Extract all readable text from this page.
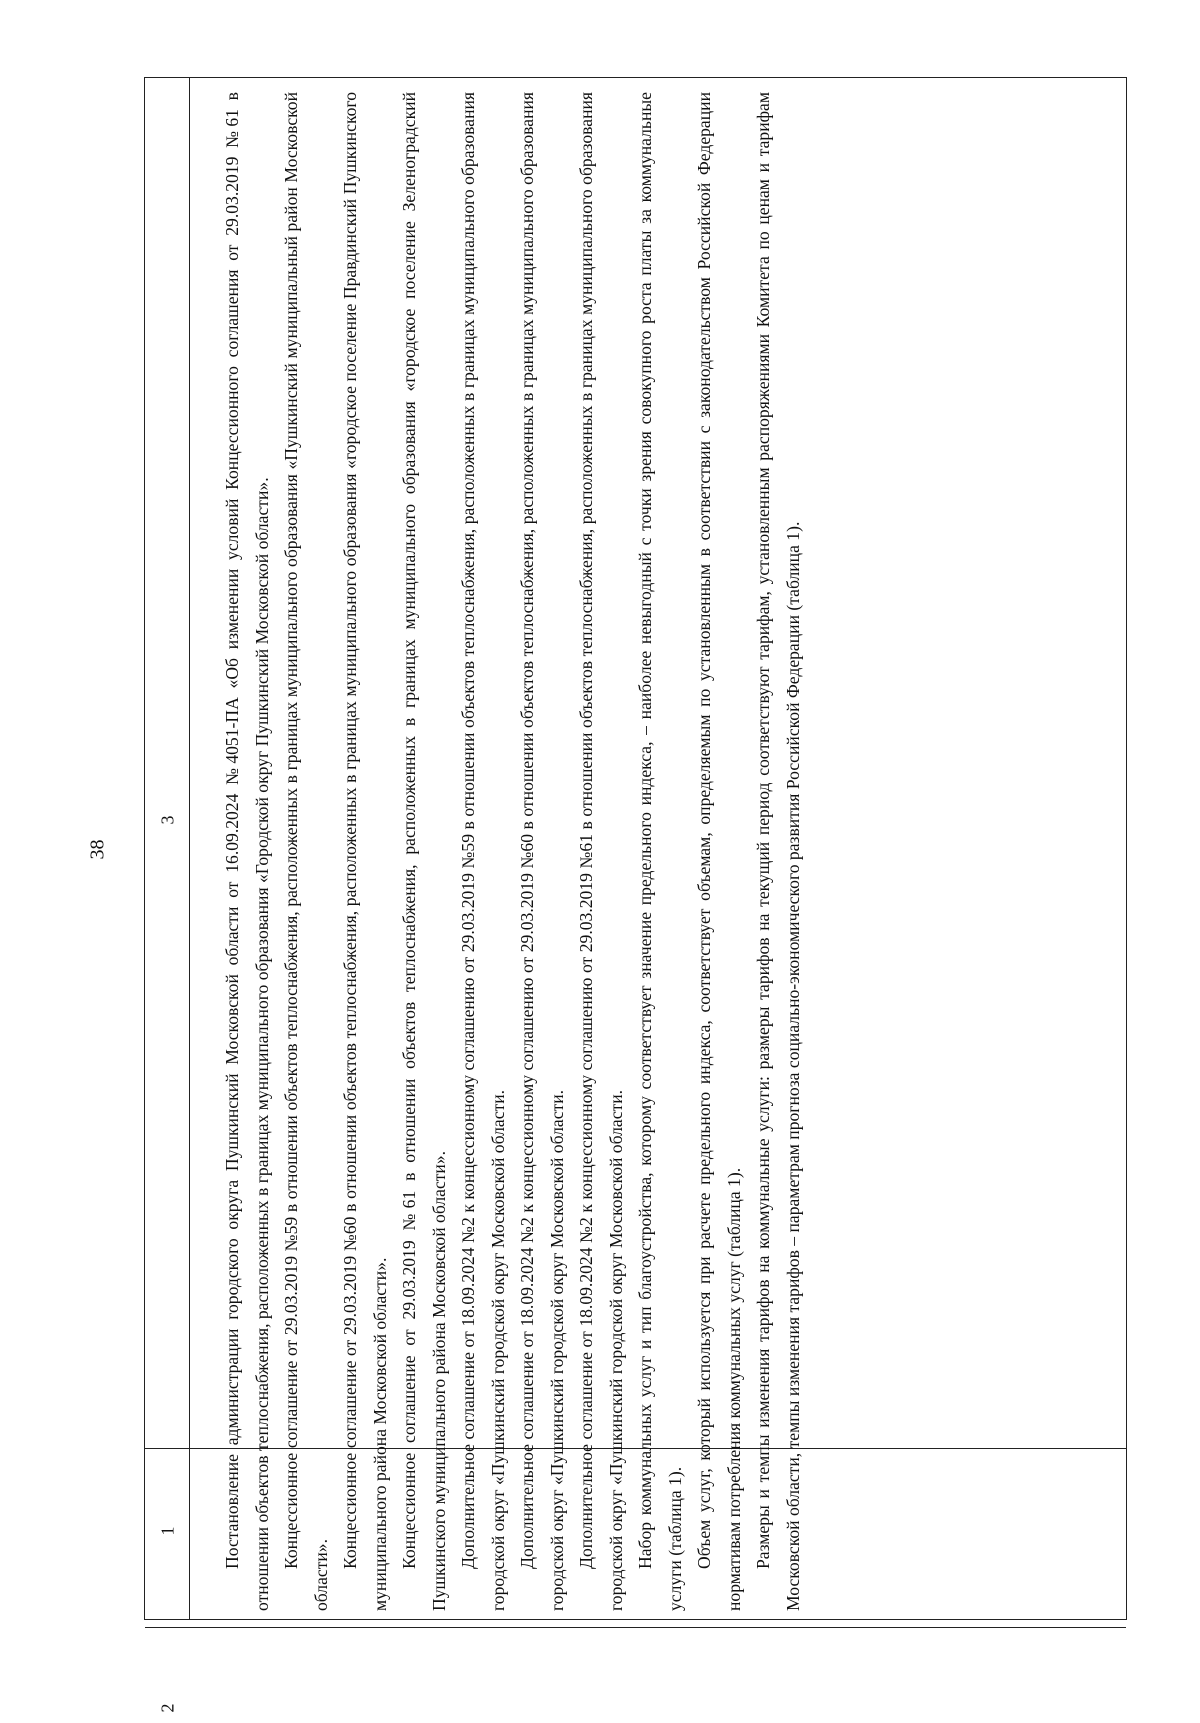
38
1
2
3	Постановление администрации городского округа Пушкинский Московской области от 16.09.2024 №4051-ПА «Об изменении условий Концессионного соглашения от 29.03.2019 №61 в отношении объектов теплоснабжения, расположенных в границах муниципального образования «Городской округ Пушкинский Московской области». Концессионное соглашение от 29.03.2019 №59 в отношении объектов теплоснабжения, расположенных в границах муниципального образования «Пушкинский муниципальный район Московской области».

Концессионное соглашение от 29.03.2019 №60 в отношении объектов теплоснабжения, расположенных в границах муниципального образования «городское поселение Правдинский Пушкинского муниципального района Московской области». Концессионное соглашение от 29.03.2019 №61 в отношении объектов теплоснабжения, расположенных в границах муниципального образования «городское поселение Зеленоградский Пушкинского муниципального района Московской области». Дополнительное соглашение от 18.09.2024 №2 к концессионному соглашению от 29.03.2019 №59 в отношении объектов теплоснабжения, расположенных в границах муниципального образования городской округ «Пушкинский городской округ Московской области. Дополнительное соглашение от 18.09.2024 №2 к концессионному соглашению от 29.03.2019 №60 в отношении объектов теплоснабжения, расположенных в границах муниципального образования городской округ «Пушкинский городской округ Московской области. Дополнительное соглашение от 18.09.2024 №2 к концессионному соглашению от 29.03.2019 №61 в отношении объектов теплоснабжения, расположенных в границах муниципального образования городской округ «Пушкинский городской округ Московской области. Набор коммунальных услуг и тип благоустройства, которому соответствует значение предельного индекса, – наиболее невыгодный с точки зрения совокупного роста платы за коммунальные услуги (таблица 1). Объем услуг, который используется при расчете предельного индекса, соответствует объемам, определяемым по установленным в соответствии с законодательством Российской Федерации нормативам потребления коммунальных услуг (таблица 1). Размеры и темпы изменения тарифов на коммунальные услуги: размеры тарифов на текущий период соответствуют тарифам, установленным распоряжениями Комитета по ценам и тарифам Московской области, темпы изменения тарифов – параметрам прогноза социально-экономического развития Российской Федерации (таблица 1).
